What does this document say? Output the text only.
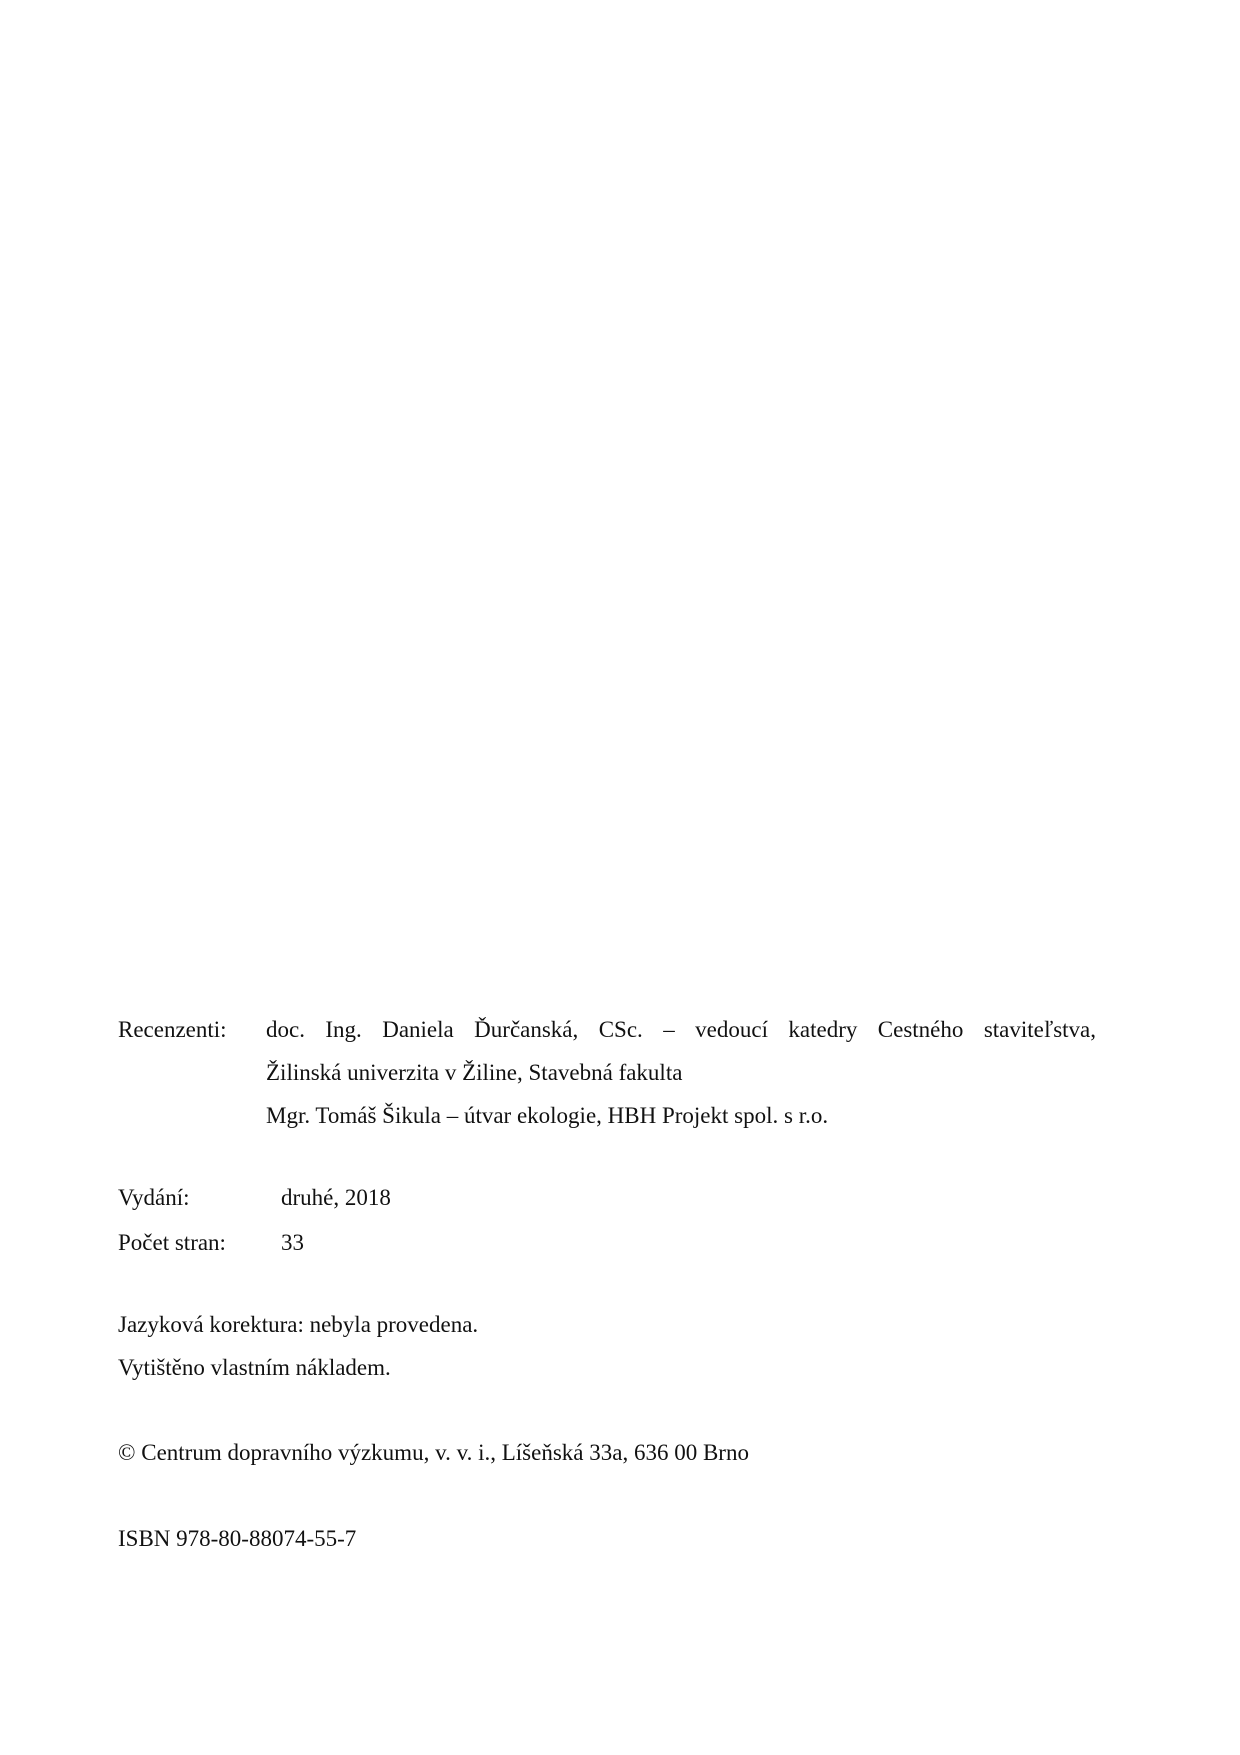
Recenzenti:	doc. Ing. Daniela Ďurčanská, CSc. – vedoucí katedry Cestného staviteľstva,
Žilinská univerzita v Žiline, Stavebná fakulta
Mgr. Tomáš Šikula – útvar ekologie, HBH Projekt spol. s r.o.
Vydání:	druhé, 2018
Počet stran:	33
Jazyková korektura: nebyla provedena.
Vytištěno vlastním nákladem.
© Centrum dopravního výzkumu, v. v. i., Líšeňská 33a, 636 00 Brno
ISBN 978-80-88074-55-7
